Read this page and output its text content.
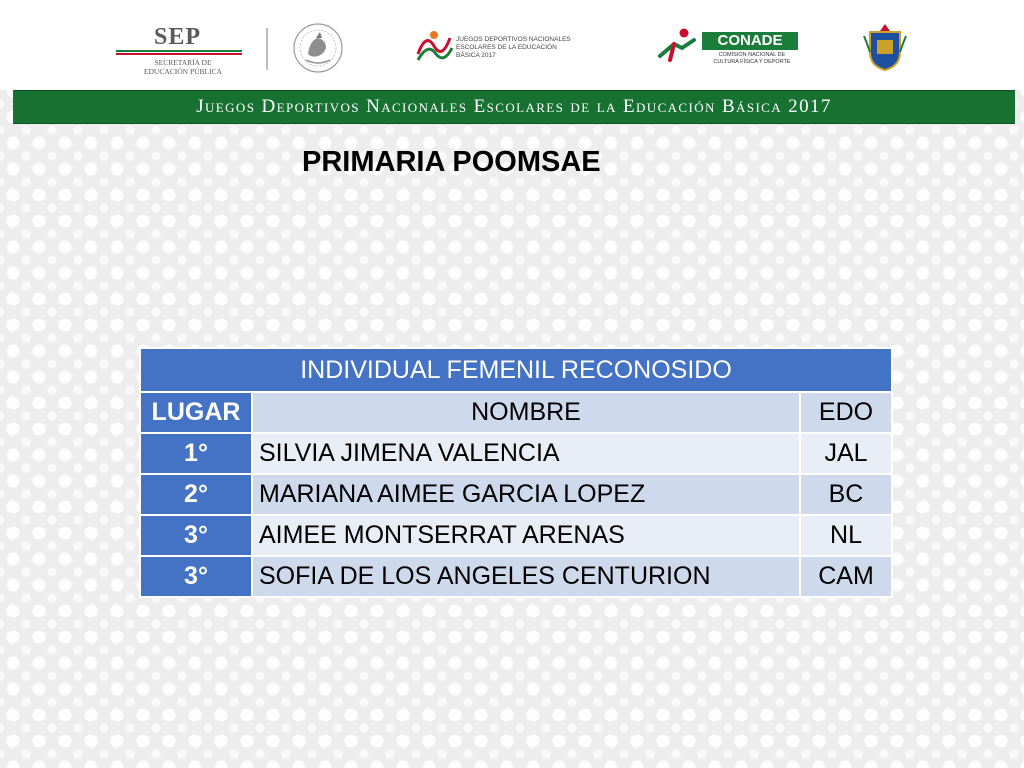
SEP
SECRETARÍA DE
EDUCACIÓN PÚBLICA
JUEGOS DEPORTIVOS NACIONALES
ESCOLARES DE LA EDUCACIÓN BÁSICA 2017
CONADE
COMISIÓN NACIONAL DE
CULTURA FÍSICA Y DEPORTE
Juegos Deportivos Nacionales Escolares de la Educación Básica 2017
PRIMARIA POOMSAE
INDIVIDUAL FEMENIL RECONOSIDO		
LUGAR	NOMBRE	EDO
1°	SILVIA JIMENA VALENCIA	JAL
2°	MARIANA AIMEE GARCIA LOPEZ	BC
3°	AIMEE MONTSERRAT ARENAS	NL
3°	SOFIA DE LOS ANGELES CENTURION	CAM
